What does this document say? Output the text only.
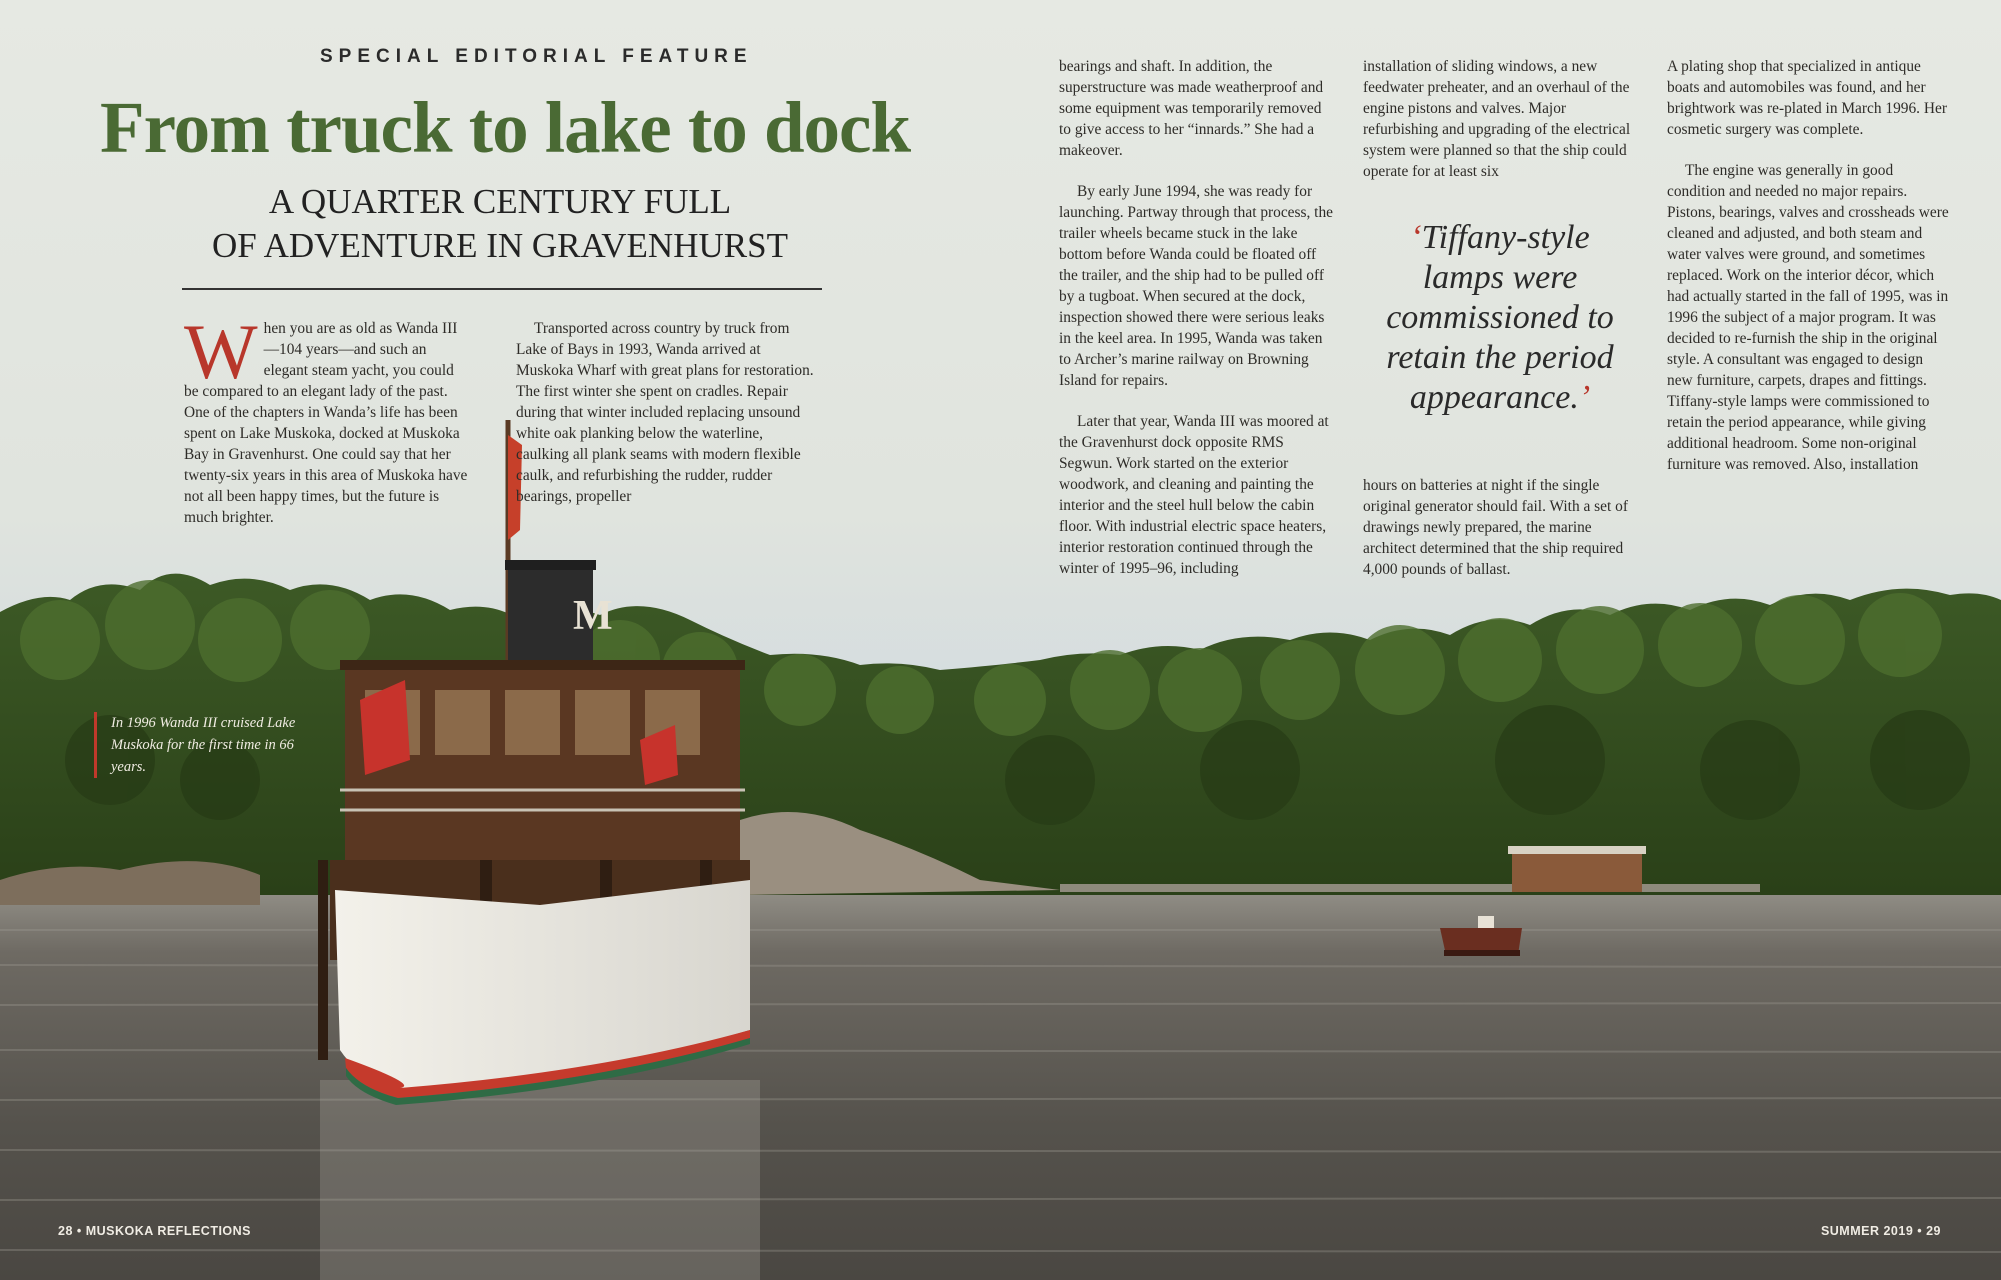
M
SPECIAL EDITORIAL FEATURE
From truck to lake to dock
A QUARTER CENTURY FULL
OF ADVENTURE IN GRAVENHURST

W hen you are as old as Wanda III—104 years—and such an elegant steam yacht, you could be compared to an elegant lady of the past. One of the chapters in Wanda’s life has been spent on Lake Muskoka, docked at Muskoka Bay in Gravenhurst. One could say that her twenty-six years in this area of Muskoka have not all been happy times, but the future is much brighter.

Transported across country by truck from Lake of Bays in 1993, Wanda arrived at Muskoka Wharf with great plans for restoration. The first winter she spent on cradles. Repair during that winter included replacing unsound white oak planking below the waterline, caulking all plank seams with modern flexible caulk, and refurbishing the rudder, rudder bearings, propeller

bearings and shaft. In addition, the superstructure was made weatherproof and some equipment was temporarily removed to give access to her “innards.” She had a makeover.

By early June 1994, she was ready for launching. Partway through that process, the trailer wheels became stuck in the lake bottom before Wanda could be floated off the trailer, and the ship had to be pulled off by a tugboat. When secured at the dock, inspection showed there were serious leaks in the keel area. In 1995, Wanda was taken to Archer’s marine railway on Browning Island for repairs.

Later that year, Wanda III was moored at the Gravenhurst dock opposite RMS Segwun. Work started on the exterior woodwork, and cleaning and painting the interior and the steel hull below the cabin floor. With industrial electric space heaters, interior restoration continued through the winter of 1995–96, including

installation of sliding windows, a new feedwater preheater, and an overhaul of the engine pistons and valves. Major refurbishing and upgrading of the electrical system were planned so that the ship could operate for at least six

hours on batteries at night if the single original generator should fail. With a set of drawings newly prepared, the marine architect determined that the ship required 4,000 pounds of ballast.

‘Tiffany-style lamps were commissioned to retain the period appearance.’

A plating shop that specialized in antique boats and automobiles was found, and her brightwork was re-plated in March 1996. Her cosmetic surgery was complete.

The engine was generally in good condition and needed no major repairs. Pistons, bearings, valves and crossheads were cleaned and adjusted, and both steam and water valves were ground, and sometimes replaced. Work on the interior décor, which had actually started in the fall of 1995, was in 1996 the subject of a major program. It was decided to re-furnish the ship in the original style. A consultant was engaged to design new furniture, carpets, drapes and fittings. Tiffany-style lamps were commissioned to retain the period appearance, while giving additional headroom. Some non-original furniture was removed. Also, installation

In 1996 Wanda III cruised Lake Muskoka for the first time in 66 years.
28 • MUSKOKA REFLECTIONS	SUMMER 2019 • 29
